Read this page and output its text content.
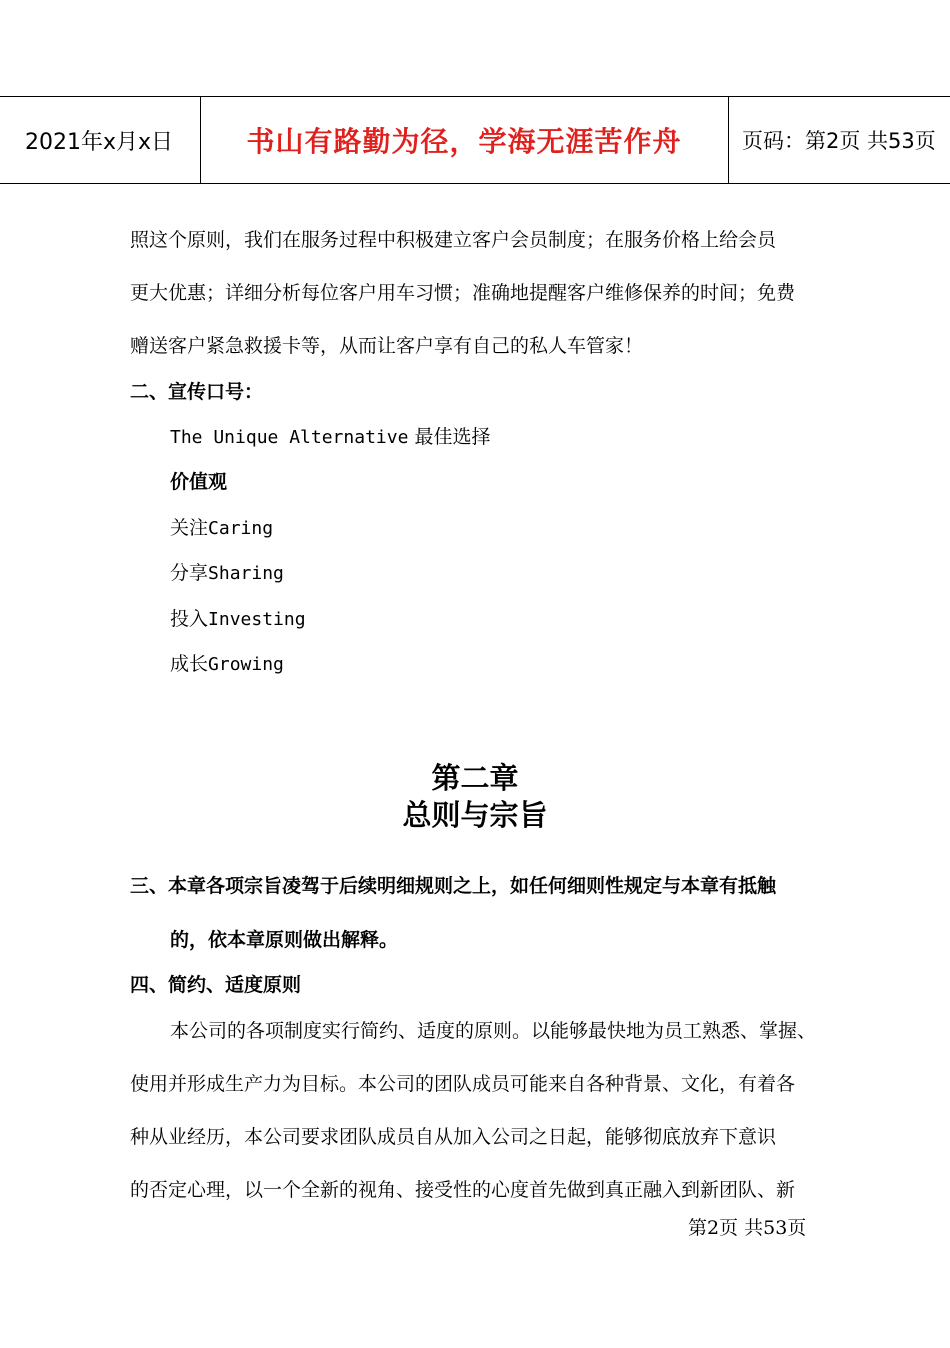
2021年x月x日	书山有路勤为径，学海无涯苦作舟	页码：第2页 共53页
照这个原则，我们在服务过程中积极建立客户会员制度；在服务价格上给会员
更大优惠；详细分析每位客户用车习惯；准确地提醒客户维修保养的时间；免费
赠送客户紧急救援卡等，从而让客户享有自己的私人车管家！
二、宣传口号：
The Unique Alternative 最佳选择
价值观
关注Caring
分享Sharing
投入Investing
成长Growing
第二章
总则与宗旨
三、本章各项宗旨凌驾于后续明细规则之上，如任何细则性规定与本章有抵触
的，依本章原则做出解释。
四、简约、适度原则
本公司的各项制度实行简约、适度的原则。以能够最快地为员工熟悉、掌握、
使用并形成生产力为目标。本公司的团队成员可能来自各种背景、文化，有着各
种从业经历，本公司要求团队成员自从加入公司之日起，能够彻底放弃下意识
的否定心理，以一个全新的视角、接受性的心度首先做到真正融入到新团队、新
第2页 共53页
